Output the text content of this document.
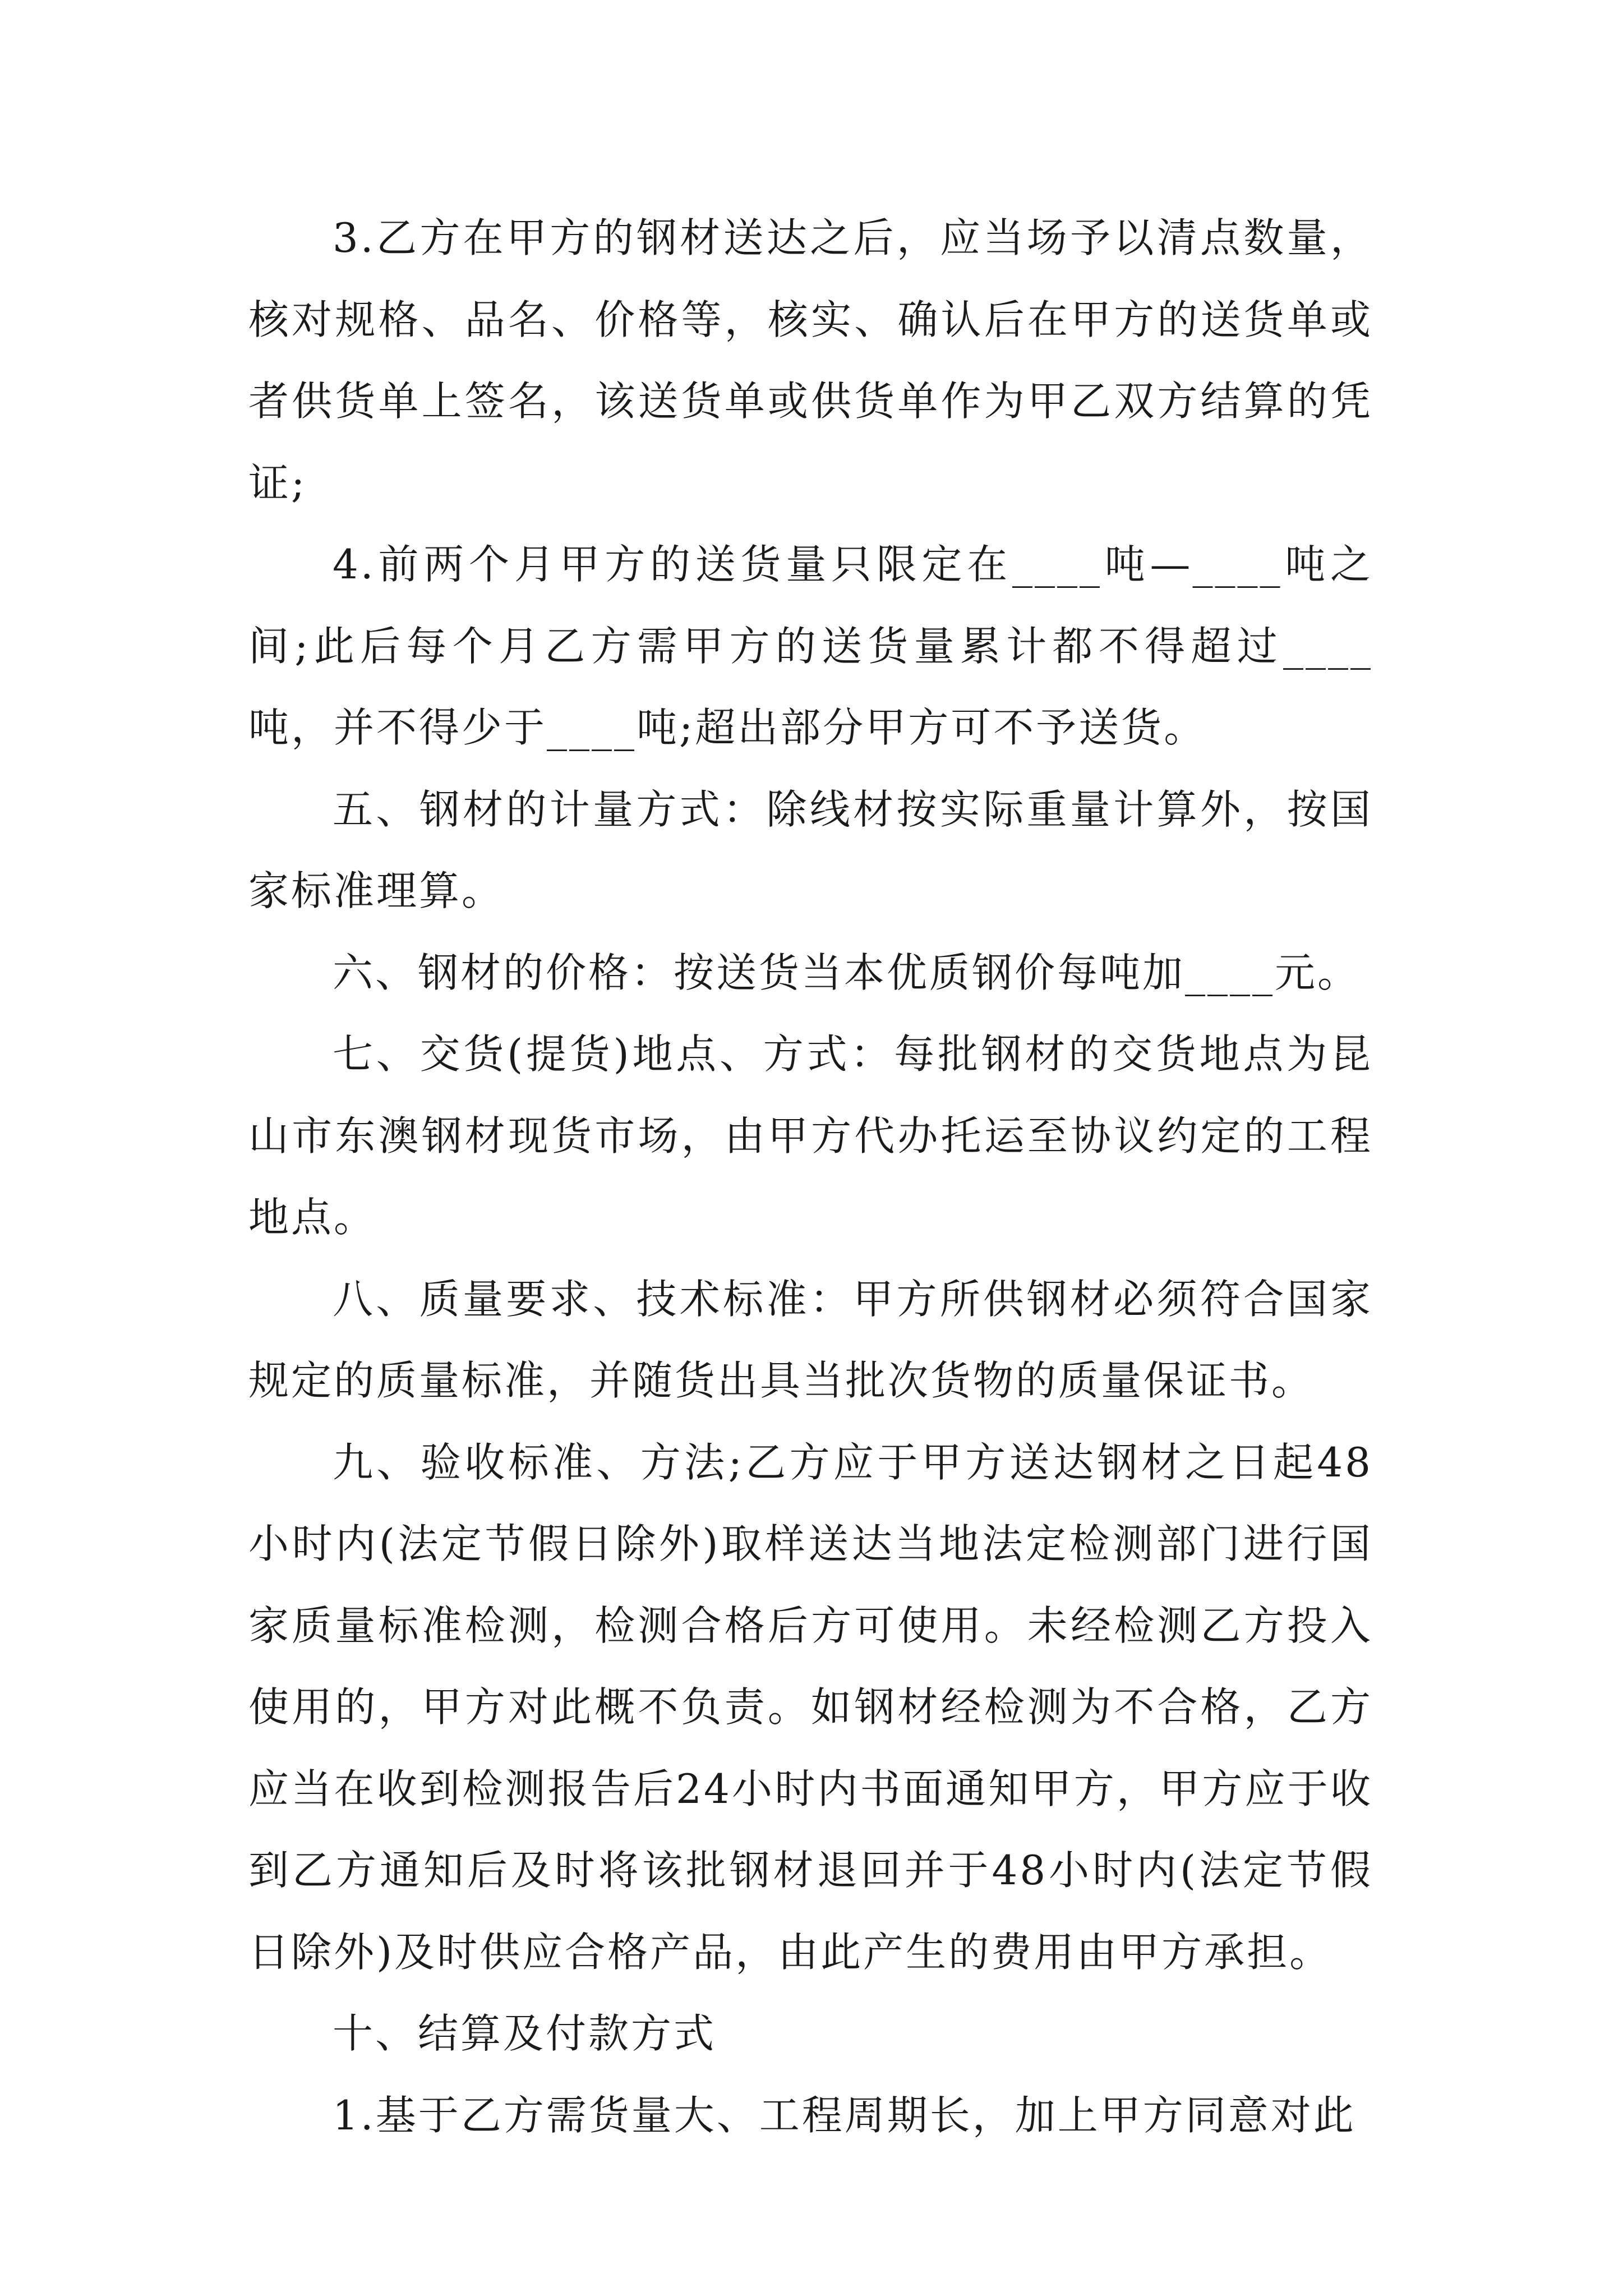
3.乙方在甲方的钢材送达之后，应当场予以清点数量，核对规格、品名、价格等，核实、确认后在甲方的送货单或者供货单上签名，该送货单或供货单作为甲乙双方结算的凭证;

4.前两个月甲方的送货量只限定在____吨—____吨之间;此后每个月乙方需甲方的送货量累计都不得超过____吨，并不得少于____吨;超出部分甲方可不予送货。

五、钢材的计量方式：除线材按实际重量计算外，按国家标准理算。

六、钢材的价格：按送货当本优质钢价每吨加____元。

七、交货(提货)地点、方式：每批钢材的交货地点为昆山市东澳钢材现货市场，由甲方代办托运至协议约定的工程地点。

八、质量要求、技术标准：甲方所供钢材必须符合国家规定的质量标准，并随货出具当批次货物的质量保证书。

九、验收标准、方法;乙方应于甲方送达钢材之日起48小时内(法定节假日除外)取样送达当地法定检测部门进行国家质量标准检测，检测合格后方可使用。未经检测乙方投入使用的，甲方对此概不负责。如钢材经检测为不合格，乙方应当在收到检测报告后24小时内书面通知甲方，甲方应于收到乙方通知后及时将该批钢材退回并于48小时内(法定节假日除外)及时供应合格产品，由此产生的费用由甲方承担。

十、结算及付款方式

1.基于乙方需货量大、工程周期长，加上甲方同意对此
